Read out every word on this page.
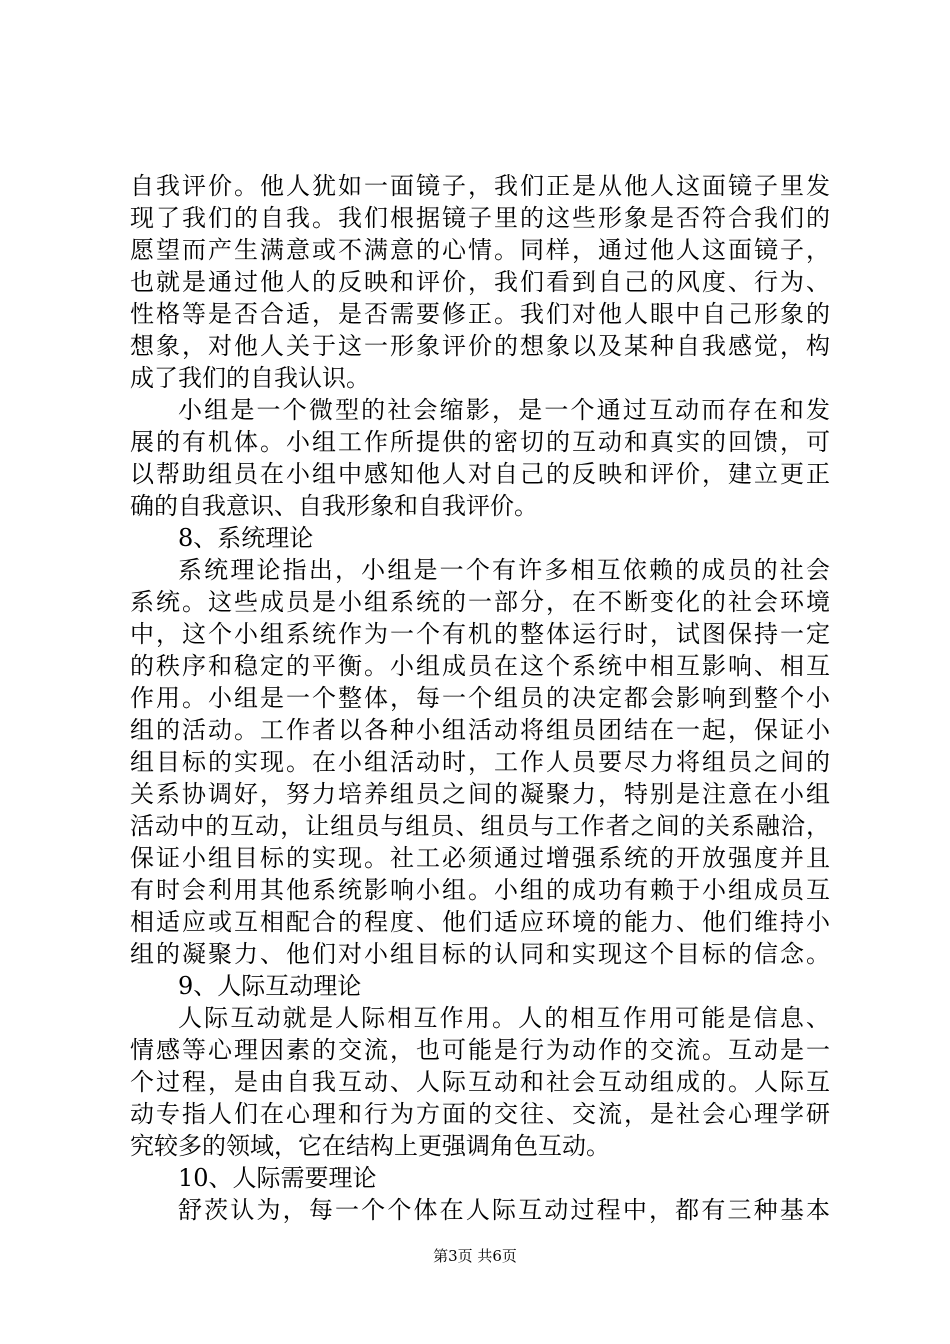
自我评价。他人犹如一面镜子，我们正是从他人这面镜子里发
现了我们的自我。我们根据镜子里的这些形象是否符合我们的
愿望而产生满意或不满意的心情。同样，通过他人这面镜子，
也就是通过他人的反映和评价，我们看到自己的风度、行为、
性格等是否合适，是否需要修正。我们对他人眼中自己形象的
想象，对他人关于这一形象评价的想象以及某种自我感觉，构
成了我们的自我认识。
小组是一个微型的社会缩影，是一个通过互动而存在和发
展的有机体。小组工作所提供的密切的互动和真实的回馈，可
以帮助组员在小组中感知他人对自己的反映和评价，建立更正
确的自我意识、自我形象和自我评价。
8、系统理论
系统理论指出，小组是一个有许多相互依赖的成员的社会
系统。这些成员是小组系统的一部分，在不断变化的社会环境
中，这个小组系统作为一个有机的整体运行时，试图保持一定
的秩序和稳定的平衡。小组成员在这个系统中相互影响、相互
作用。小组是一个整体，每一个组员的决定都会影响到整个小
组的活动。工作者以各种小组活动将组员团结在一起，保证小
组目标的实现。在小组活动时，工作人员要尽力将组员之间的
关系协调好，努力培养组员之间的凝聚力，特别是注意在小组
活动中的互动，让组员与组员、组员与工作者之间的关系融洽，
保证小组目标的实现。社工必须通过增强系统的开放强度并且
有时会利用其他系统影响小组。小组的成功有赖于小组成员互
相适应或互相配合的程度、他们适应环境的能力、他们维持小
组的凝聚力、他们对小组目标的认同和实现这个目标的信念。
9、人际互动理论
人际互动就是人际相互作用。人的相互作用可能是信息、
情感等心理因素的交流，也可能是行为动作的交流。互动是一
个过程，是由自我互动、人际互动和社会互动组成的。人际互
动专指人们在心理和行为方面的交往、交流，是社会心理学研
究较多的领域，它在结构上更强调角色互动。
10、人际需要理论
舒茨认为，每一个个体在人际互动过程中，都有三种基本
第3页 共6页
